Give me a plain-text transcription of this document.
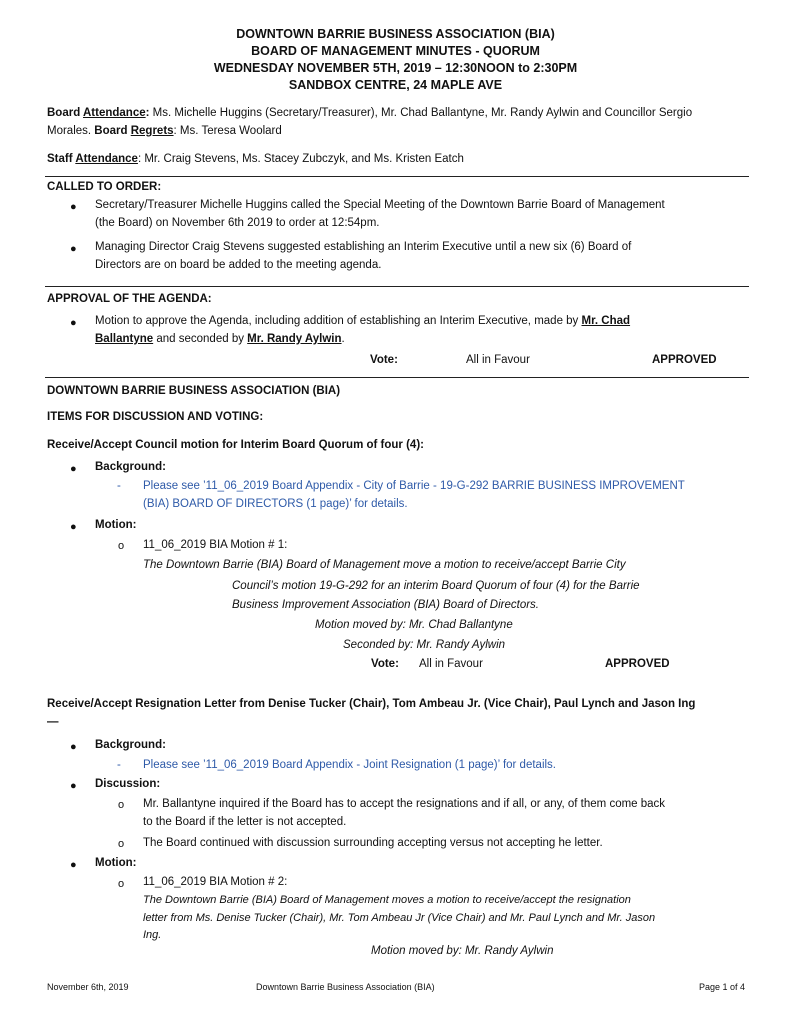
DOWNTOWN BARRIE BUSINESS ASSOCIATION (BIA)
BOARD OF MANAGEMENT MINUTES - QUORUM
WEDNESDAY NOVEMBER 5TH, 2019 – 12:30NOON to 2:30PM
SANDBOX CENTRE, 24 MAPLE AVE
Board Attendance: Ms. Michelle Huggins (Secretary/Treasurer), Mr. Chad Ballantyne, Mr. Randy Aylwin and Councillor Sergio
Morales. Board Regrets: Ms. Teresa Woolard
Staff Attendance: Mr. Craig Stevens, Ms. Stacey Zubczyk, and Ms. Kristen Eatch
CALLED TO ORDER:
● Secretary/Treasurer Michelle Huggins called the Special Meeting of the Downtown Barrie Board of Management
(the Board) on November 6th 2019 to order at 12:54pm.
● Managing Director Craig Stevens suggested establishing an Interim Executive until a new six (6) Board of
Directors are on board be added to the meeting agenda.
APPROVAL OF THE AGENDA:
● Motion to approve the Agenda, including addition of establishing an Interim Executive, made by Mr. Chad
Ballantyne and seconded by Mr. Randy Aylwin.
Vote:	All in Favour	APPROVED
DOWNTOWN BARRIE BUSINESS ASSOCIATION (BIA)
ITEMS FOR DISCUSSION AND VOTING:
Receive/Accept Council motion for Interim Board Quorum of four (4):
● Background:
- Please see ’11_06_2019 Board Appendix - City of Barrie - 19-G-292 BARRIE BUSINESS IMPROVEMENT
(BIA) BOARD OF DIRECTORS (1 page)’ for details.
● Motion:
o 11_06_2019 BIA Motion # 1:
The Downtown Barrie (BIA) Board of Management move a motion to receive/accept Barrie City
Council’s motion 19-G-292 for an interim Board Quorum of four (4) for the Barrie
Business Improvement Association (BIA) Board of Directors.
Motion moved by: Mr. Chad Ballantyne
Seconded by: Mr. Randy Aylwin
Vote: All in Favour	APPROVED
Receive/Accept Resignation Letter from Denise Tucker (Chair), Tom Ambeau Jr. (Vice Chair), Paul Lynch and Jason Ing
—
● Background:
- Please see ’11_06_2019 Board Appendix - Joint Resignation (1 page)’ for details.
● Discussion:
o Mr. Ballantyne inquired if the Board has to accept the resignations and if all, or any, of them come back
to the Board if the letter is not accepted.
o The Board continued with discussion surrounding accepting versus not accepting he letter.
● Motion:
o 11_06_2019 BIA Motion # 2:
The Downtown Barrie (BIA) Board of Management moves a motion to receive/accept the resignation
letter from Ms. Denise Tucker (Chair), Mr. Tom Ambeau Jr (Vice Chair) and Mr. Paul Lynch and Mr. Jason
Ing.
Motion moved by: Mr. Randy Aylwin
November 6th, 2019	Downtown Barrie Business Association (BIA)	Page 1 of 4
